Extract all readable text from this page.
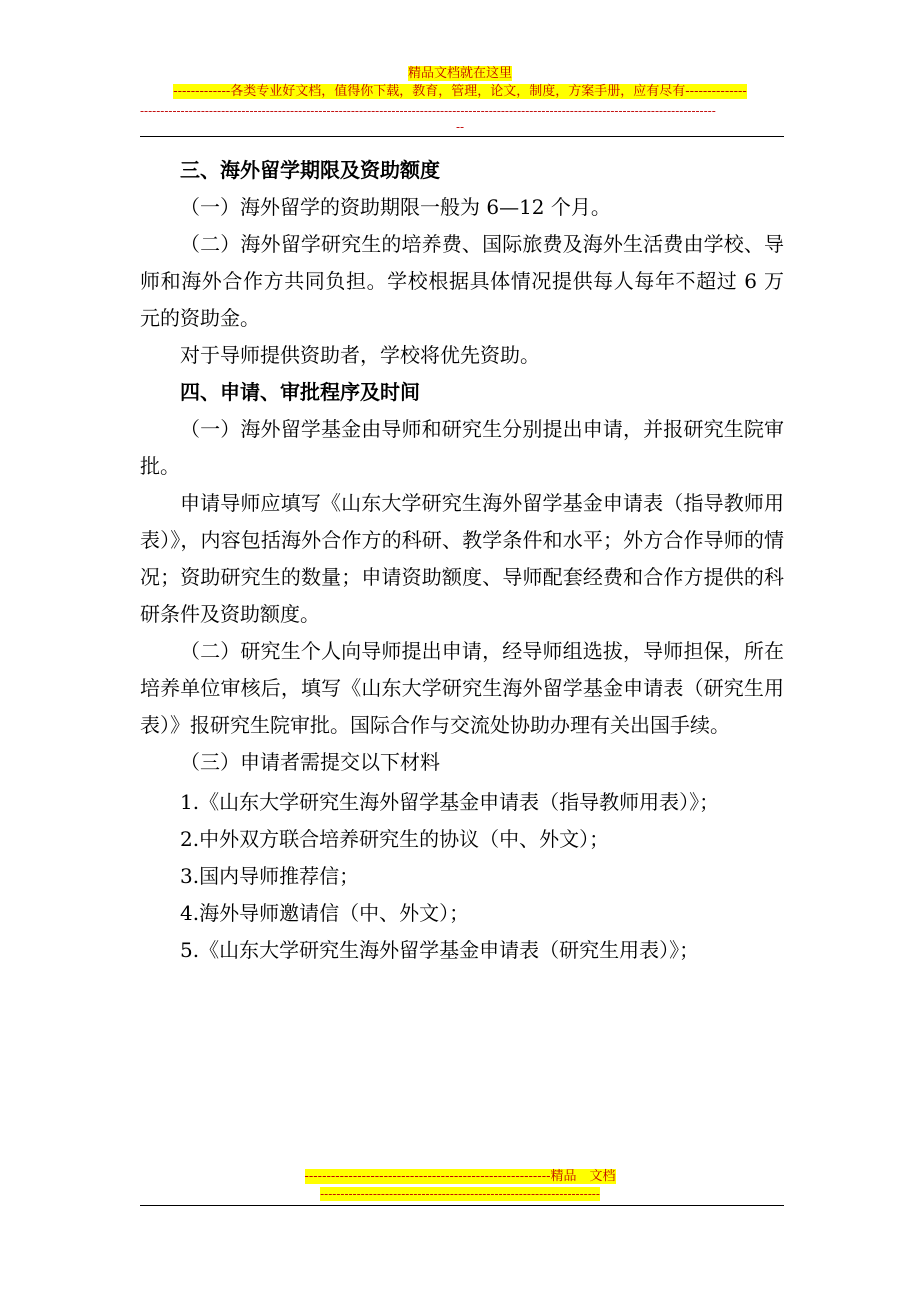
精品文档就在这里
-------------各类专业好文档，值得你下载，教育，管理，论文，制度，方案手册，应有尽有--------------
----------------------------------------------------------------------------------------------------------------------------------------------
--

三、海外留学期限及资助额度

（一）海外留学的资助期限一般为 6—12 个月。

（二）海外留学研究生的培养费、国际旅费及海外生活费由学校、导师和海外合作方共同负担。学校根据具体情况提供每人每年不超过 6 万元的资助金。

对于导师提供资助者，学校将优先资助。

四、申请、审批程序及时间

（一）海外留学基金由导师和研究生分别提出申请，并报研究生院审批。

申请导师应填写《山东大学研究生海外留学基金申请表（指导教师用表）》，内容包括海外合作方的科研、教学条件和水平；外方合作导师的情况；资助研究生的数量；申请资助额度、导师配套经费和合作方提供的科研条件及资助额度。

（二）研究生个人向导师提出申请，经导师组选拔，导师担保，所在培养单位审核后，填写《山东大学研究生海外留学基金申请表（研究生用表）》报研究生院审批。国际合作与交流处协助办理有关出国手续。

（三）申请者需提交以下材料

1.《山东大学研究生海外留学基金申请表（指导教师用表）》；

2.中外双方联合培养研究生的协议（中、外文）；

3.国内导师推荐信；

4.海外导师邀请信（中、外文）；

5.《山东大学研究生海外留学基金申请表（研究生用表）》；

--------------------------------------------------------精品　文档
---------------------------------------------------------------------
